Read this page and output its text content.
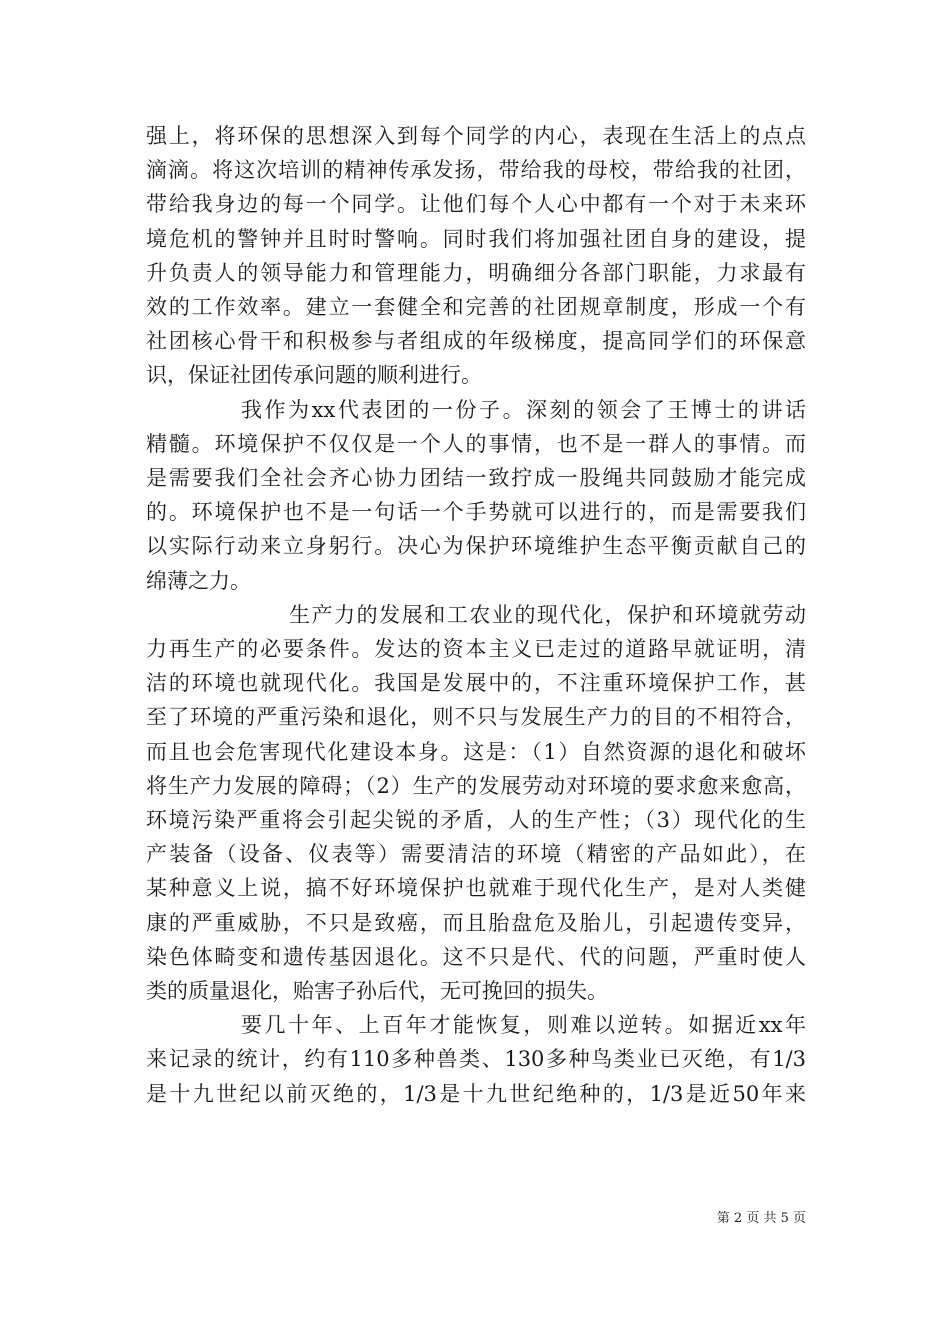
强上，将环保的思想深入到每个同学的内心，表现在生活上的点点
滴滴。将这次培训的精神传承发扬，带给我的母校，带给我的社团，
带给我身边的每一个同学。让他们每个人心中都有一个对于未来环
境危机的警钟并且时时警响。同时我们将加强社团自身的建设，提
升负责人的领导能力和管理能力，明确细分各部门职能，力求最有
效的工作效率。建立一套健全和完善的社团规章制度，形成一个有
社团核心骨干和积极参与者组成的年级梯度，提高同学们的环保意
识，保证社团传承问题的顺利进行。
我作为xx代表团的一份子。深刻的领会了王博士的讲话
精髓。环境保护不仅仅是一个人的事情，也不是一群人的事情。而
是需要我们全社会齐心协力团结一致拧成一股绳共同鼓励才能完成
的。环境保护也不是一句话一个手势就可以进行的，而是需要我们
以实际行动来立身躬行。决心为保护环境维护生态平衡贡献自己的
绵薄之力。
生产力的发展和工农业的现代化，保护和环境就劳动
力再生产的必要条件。发达的资本主义已走过的道路早就证明，清
洁的环境也就现代化。我国是发展中的，不注重环境保护工作，甚
至了环境的严重污染和退化，则不只与发展生产力的目的不相符合，
而且也会危害现代化建设本身。这是：（1）自然资源的退化和破坏
将生产力发展的障碍；（2）生产的发展劳动对环境的要求愈来愈高，
环境污染严重将会引起尖锐的矛盾，人的生产性；（3）现代化的生
产装备（设备、仪表等）需要清洁的环境（精密的产品如此），在
某种意义上说，搞不好环境保护也就难于现代化生产，是对人类健
康的严重威胁，不只是致癌，而且胎盘危及胎儿，引起遗传变异，
染色体畸变和遗传基因退化。这不只是代、代的问题，严重时使人
类的质量退化，贻害子孙后代，无可挽回的损失。
要几十年、上百年才能恢复，则难以逆转。如据近xx年
来记录的统计，约有110多种兽类、130多种鸟类业已灭绝，有1/3
是十九世纪以前灭绝的，1/3是十九世纪绝种的，1/3是近50年来
第 2 页 共 5 页
